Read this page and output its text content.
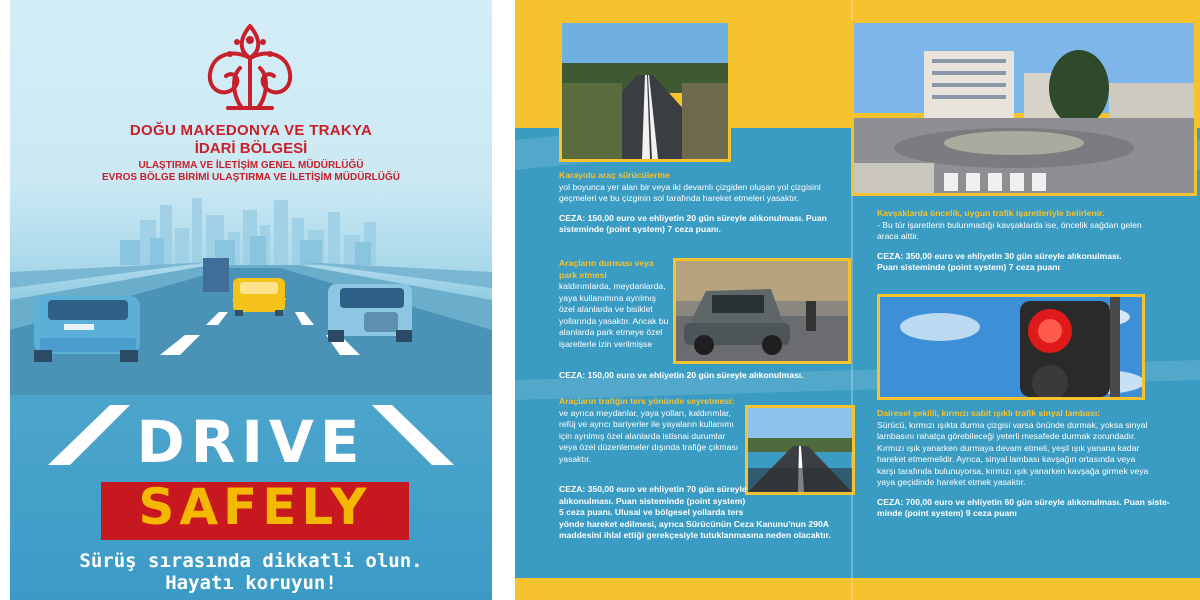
DOĞU MAKEDONYA VE TRAKYA
İDARİ BÖLGESİ
ULAŞTIRMA VE İLETİŞİM GENEL MÜDÜRLÜĞÜ
EVROS BÖLGE BİRİMİ ULAŞTIRMA VE İLETİŞİM MÜDÜRLÜĞÜ
DRIVE
SAFELY
Sürüş sırasında dikkatli olun.
Hayatı koruyun!
Karayolu araç sürücülerine
yol boyunca yer alan bir veya iki devamlı çizgiden oluşan yol çizgisini
geçmeleri ve bu çizginin sol tarafında hareket etmeleri yasaktır.
CEZA: 150,00 euro ve ehliyetin 20 gün süreyle alıkonulması. Puan
sisteminde (point system) 7 ceza puanı.
Araçların durması veya
park etmesi
kaldırımlarda, meydanlarda,
yaya kullanımına ayrılmış
özel alanlarda ve bisiklet
yollarında yasaktır. Ancak bu
alanlarda park etmeye özel
işaretlerle izin verilmişse
CEZA: 150,00 euro ve ehliyetin 20 gün süreyle alıkonulması.
Araçların trafiğin ters yönünde seyretmesi:
ve ayrıca meydanlar, yaya yolları, kaldırımlar,
refüj ve ayrıcı bariyerler ile yayaların kullanımı
için ayrılmış özel alanlarda istisnai durumlar
veya özel düzenlemeler dışında trafiğe çıkması
yasaktır.
CEZA: 350,00 euro ve ehliyetin 70 gün süreyle
alıkonulması. Puan sisteminde (point system)
5 ceza puanı. Ulusal ve bölgesel yollarda ters
yönde hareket edilmesi, ayrıca Sürücünün Ceza Kanunu'nun 290A
maddesini ihlal ettiği gerekçesiyle tutuklanmasına neden olacaktır.
Kavşaklarda öncelik, uygun trafik işaretleriyle belirlenir.
- Bu tür işaretlerin bulunmadığı kavşaklarda ise, öncelik sağdan gelen
araca aittir.
CEZA: 350,00 euro ve ehliyetin 30 gün süreyle alıkonulması.
Puan sisteminde (point system) 7 ceza puanı
Dairesel şekilli, kırmızı sabit ışıklı trafik sinyal lambası:
Sürücü, kırmızı ışıkta durma çizgisi varsa önünde durmak, yoksa sinyal
lambasını rahatça görebileceği yeterli mesafede durmak zorundadır.
Kırmızı ışık yanarken durmaya devam etmeli, yeşil ışık yanana kadar
hareket etmemelidir. Ayrıca, sinyal lambası kavşağın ortasında veya
karşı tarafında bulunuyorsa, kırmızı ışık yanarken kavşağa girmek veya
yaya geçidinde hareket etmek yasaktır.
CEZA: 700,00 euro ve ehliyetin 60 gün süreyle alıkonulması. Puan siste-
minde (point system) 9 ceza puanı
